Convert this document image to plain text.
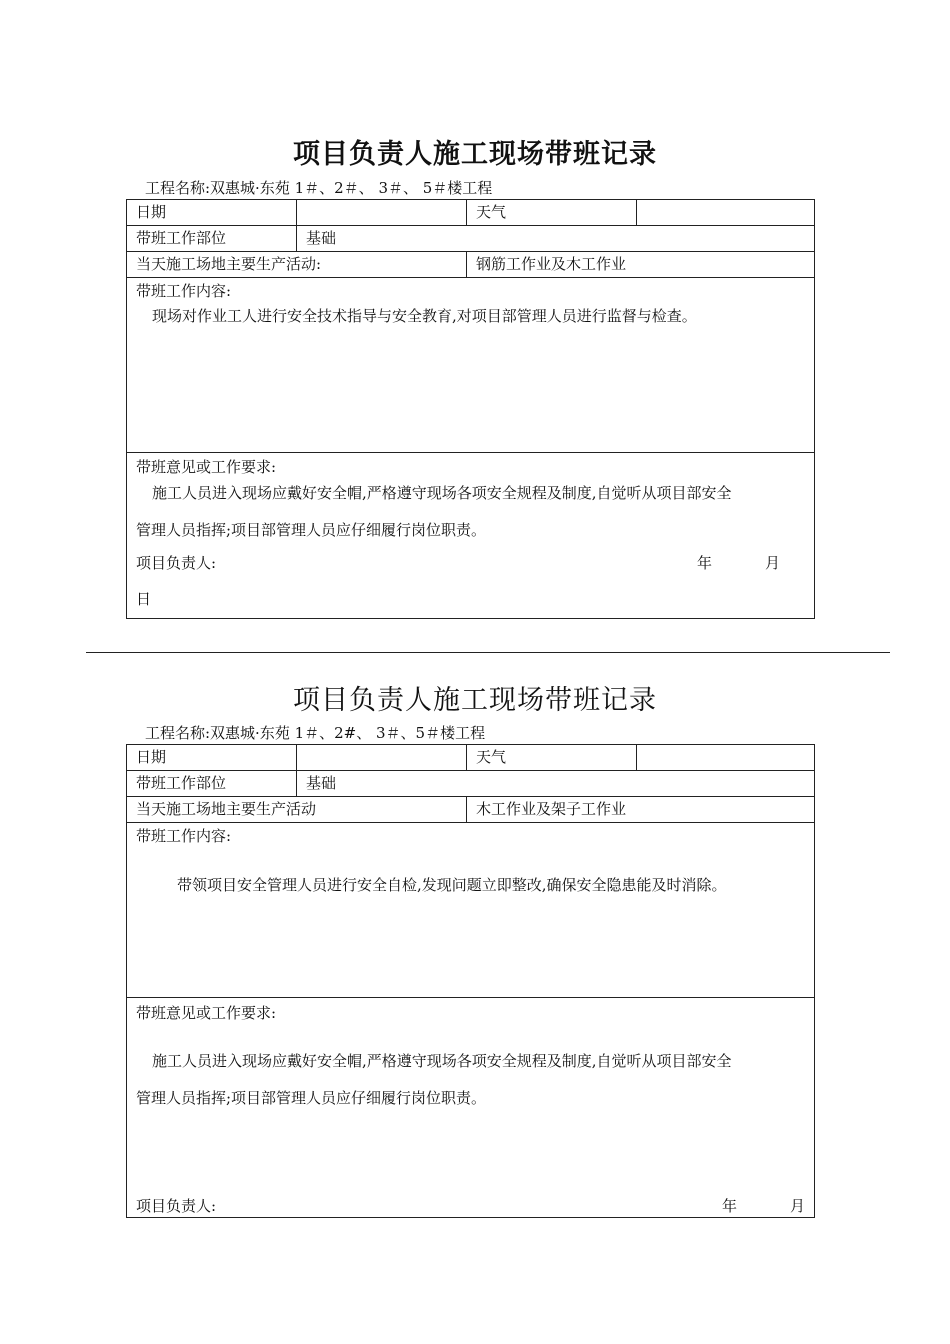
项目负责人施工现场带班记录
工程名称:双惠城·东苑 1＃、2＃、 3＃、 5＃楼工程
日期	天气
带班工作部位	基础
当天施工场地主要生产活动:	钢筋工作业及木工作业
带班工作内容:
现场对作业工人进行安全技术指导与安全教育,对项目部管理人员进行监督与检查。
带班意见或工作要求:
施工人员进入现场应戴好安全帽,严格遵守现场各项安全规程及制度,自觉听从项目部安全
管理人员指挥;项目部管理人员应仔细履行岗位职责。
项目负责人:	年	月
日
项目负责人施工现场带班记录
工程名称:双惠城·东苑 1＃、2#、 3＃、5＃楼工程
日期	天气
带班工作部位	基础
当天施工场地主要生产活动	木工作业及架子工作业
带班工作内容:
带领项目安全管理人员进行安全自检,发现问题立即整改,确保安全隐患能及时消除。
带班意见或工作要求:
施工人员进入现场应戴好安全帽,严格遵守现场各项安全规程及制度,自觉听从项目部安全
管理人员指挥;项目部管理人员应仔细履行岗位职责。
项目负责人:	年	月
